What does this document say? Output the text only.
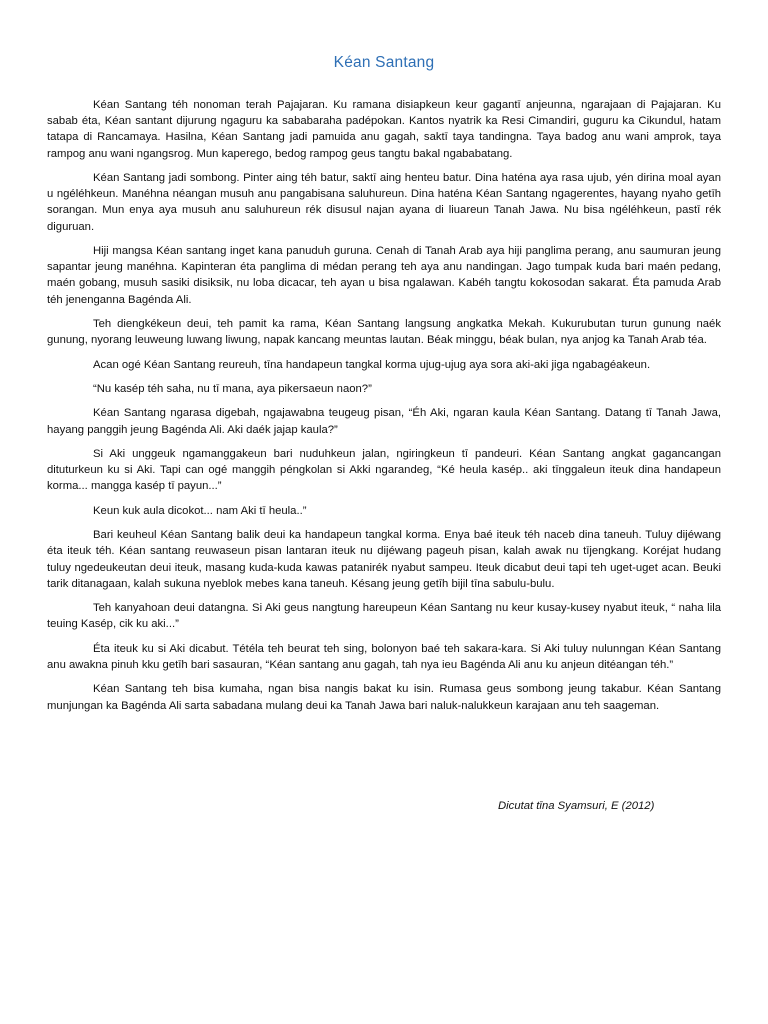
Kéan Santang

Kéan Santang téh nonoman terah Pajajaran. Ku ramana disiapkeun keur gagantī anjeunna, ngarajaan di Pajajaran. Ku sabab éta, Kéan santant dijurung ngaguru ka sababaraha padépokan. Kantos nyatrik ka Resi Cimandiri, guguru ka Cikundul, hatam tatapa di Rancamaya. Hasilna, Kéan Santang jadi pamuida anu gagah, saktī taya tandingna. Taya badog anu wani amprok, taya rampog anu wani ngangsrog. Mun kaperego, bedog rampog geus tangtu bakal ngababatang.

Kéan Santang jadi sombong. Pinter aing téh batur, saktī aing henteu batur. Dina haténa aya rasa ujub, yén dirina moal ayan u ngéléhkeun. Manéhna néangan musuh anu pangabisana saluhureun. Dina haténa Kéan Santang ngagerentes, hayang nyaho getīh sorangan. Mun enya aya musuh anu saluhureun rék disusul najan ayana di liuareun Tanah Jawa. Nu bisa ngéléhkeun, pastī rék diguruan.

Hiji mangsa Kéan santang inget kana panuduh guruna. Cenah di Tanah Arab aya hiji panglima perang, anu saumuran jeung sapantar jeung manéhna. Kapinteran éta panglima di médan perang teh aya anu nandingan. Jago tumpak kuda bari maén pedang, maén gobang, musuh sasiki disiksik, nu loba dicacar, teh ayan u bisa ngalawan. Kabéh tangtu kokosodan sakarat. Éta pamuda Arab téh jenenganna Bagénda Ali.

Teh diengkékeun deui, teh pamit ka rama, Kéan Santang langsung angkatka Mekah. Kukurubutan turun gunung naék gunung, nyorang leuweung luwang liwung, napak kancang meuntas lautan. Béak minggu, béak bulan, nya anjog ka Tanah Arab téa.

Acan ogé Kéan Santang reureuh, tīna handapeun tangkal korma ujug-ujug aya sora aki-aki jiga ngabagéakeun.

“Nu kasép téh saha, nu tī mana, aya pikersaeun naon?”

Kéan Santang ngarasa digebah, ngajawabna teugeug pisan, “Éh Aki, ngaran kaula Kéan Santang. Datang tī Tanah Jawa, hayang panggih jeung Bagénda Ali. Aki daék jajap kaula?”

Si Aki unggeuk ngamanggakeun bari nuduhkeun jalan, ngiringkeun tī pandeuri. Kéan Santang angkat gagancangan dituturkeun ku si Aki. Tapi can ogé manggih péngkolan si Akki ngarandeg, “Ké heula kasép.. aki tīnggaleun iteuk dina handapeun korma... mangga kasép tī payun...”

Keun kuk aula dicokot... nam Aki tī heula..”

Bari keuheul Kéan Santang balik deui ka handapeun tangkal korma. Enya baé iteuk téh naceb dina taneuh. Tuluy dijéwang éta iteuk téh. Kéan santang reuwaseun pisan lantaran iteuk nu dijéwang pageuh pisan, kalah awak nu tījengkang. Koréjat hudang tuluy ngedeukeutan deui iteuk, masang kuda-kuda kawas patanirék nyabut sampeu. Iteuk dicabut deui tapi teh uget-uget acan. Beuki tarik ditanagaan, kalah sukuna nyeblok mebes kana taneuh. Késang jeung getīh bijil tīna sabulu-bulu.

Teh kanyahoan deui datangna. Si Aki geus nangtung hareupeun Kéan Santang nu keur kusay-kusey nyabut iteuk, “ naha lila teuing Kasép, cik ku aki...”

Éta iteuk ku si Aki dicabut. Tétéla teh beurat teh sing, bolonyon baé teh sakara-kara. Si Aki tuluy nulunngan Kéan Santang anu awakna pinuh kku getīh bari sasauran, “Kéan santang anu gagah, tah nya ieu Bagénda Ali anu ku anjeun ditéangan téh.”

Kéan Santang teh bisa kumaha, ngan bisa nangis bakat ku isin. Rumasa geus sombong jeung takabur. Kéan Santang munjungan ka Bagénda Ali sarta sabadana mulang deui ka Tanah Jawa bari naluk-nalukkeun karajaan anu teh saageman.

Dicutat tīna Syamsuri, E (2012)
